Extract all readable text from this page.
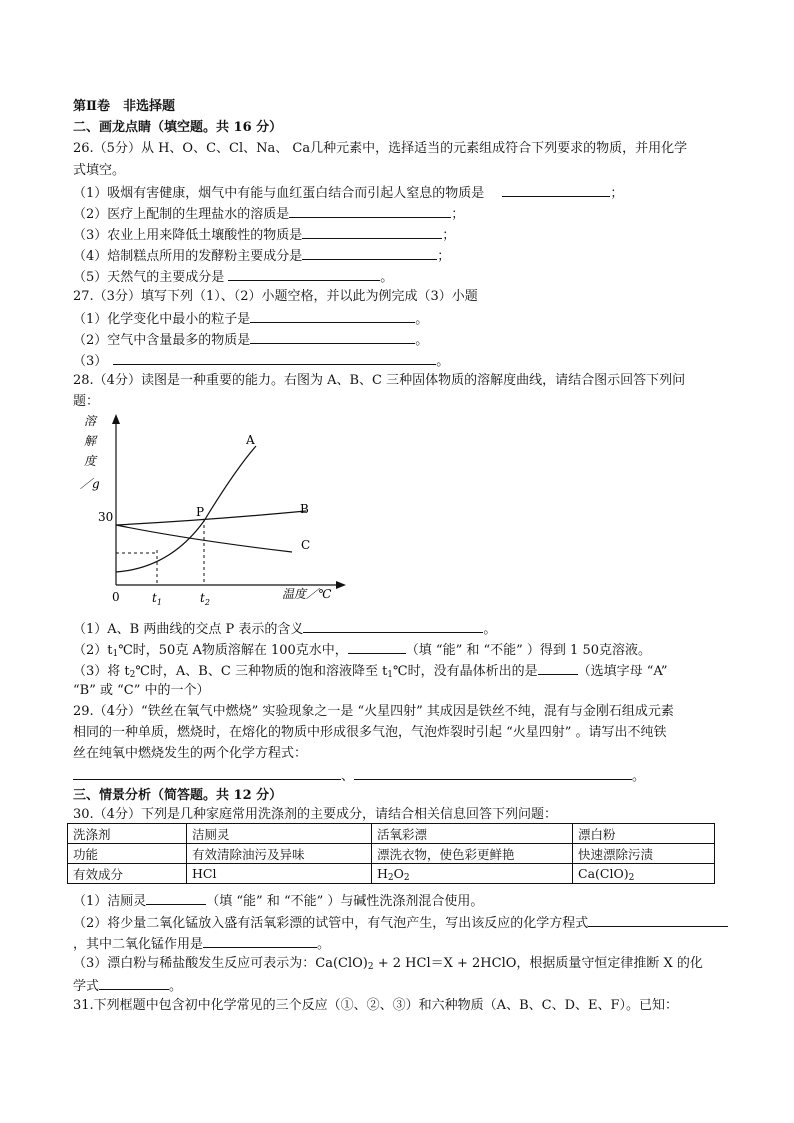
第Ⅱ卷　非选择题
二、画龙点睛（填空题。共 16 分）
26.（5分）从 H、O、C、Cl、Na、 Ca几种元素中，选择适当的元素组成符合下列要求的物质，并用化学
式填空。
（1）吸烟有害健康，烟气中有能与血红蛋白结合而引起人窒息的物质是	；
（2）医疗上配制的生理盐水的溶质是	；
（3）农业上用来降低土壤酸性的物质是	；
（4）焙制糕点所用的发酵粉主要成分是	；
（5）天然气的主要成分是	。
27.（3分）填写下列（1）、（2）小题空格，并以此为例完成（3）小题
（1）化学变化中最小的粒子是	。
（2）空气中含量最多的物质是	。
（3）	。
28.（4分）读图是一种重要的能力。右图为 A、B、C 三种固体物质的溶解度曲线，请结合图示回答下列问
题：
溶
解
度
／g
0
30
$t_1$	$t_2$
温度／℃
A
B
C
P
（1）A、B 两曲线的交点 P 表示的含义	。
$(2)t_1℃$时，50克 A物质溶解在 100克水中，	（填 “能” 和 “不能” ）得到 1 50克溶液。
（3）将 $t_2℃$时，A、B、C 三种物质的饱和溶液降至 $t_1℃$时，没有晶体析出的是	（选填字母 “A”
“B” 或 “C” 中的一个）
29.（4分）“铁丝在氧气中燃烧” 实验现象之一是 “火星四射” 其成因是铁丝不纯，混有与金刚石组成元素
相同的一种单质，燃烧时，在熔化的物质中形成很多气泡，气泡炸裂时引起 “火星四射” 。请写出不纯铁
丝在纯氧中燃烧发生的两个化学方程式：
、	。
三、情景分析（简答题。共 12 分）
30.（4分）下列是几种家庭常用洗涤剂的主要成分，请结合相关信息回答下列问题：
洗涤剂	洁厕灵	活氧彩漂	漂白粉
功能	有效清除油污及异味	漂洗衣物，使色彩更鲜艳	快速漂除污渍
有效成分	HCl	$H_2O_2$	$Ca(ClO)_2$
（1）洁厕灵	（填 “能” 和 “不能” ）与碱性洗涤剂混合使用。
（2）将少量二氧化锰放入盛有活氧彩漂的试管中，有气泡产生，写出该反应的化学方程式
，其中二氧化锰作用是	。
（3）漂白粉与稀盐酸发生反应可表示为：$Ca(ClO)_2 + 2$ HCl＝X + 2HClO，根据质量守恒定律推断 X 的化
学式	。
31.下列框题中包含初中化学常见的三个反应（①、②、③）和六种物质（A、B、C、D、E、F）。已知：
